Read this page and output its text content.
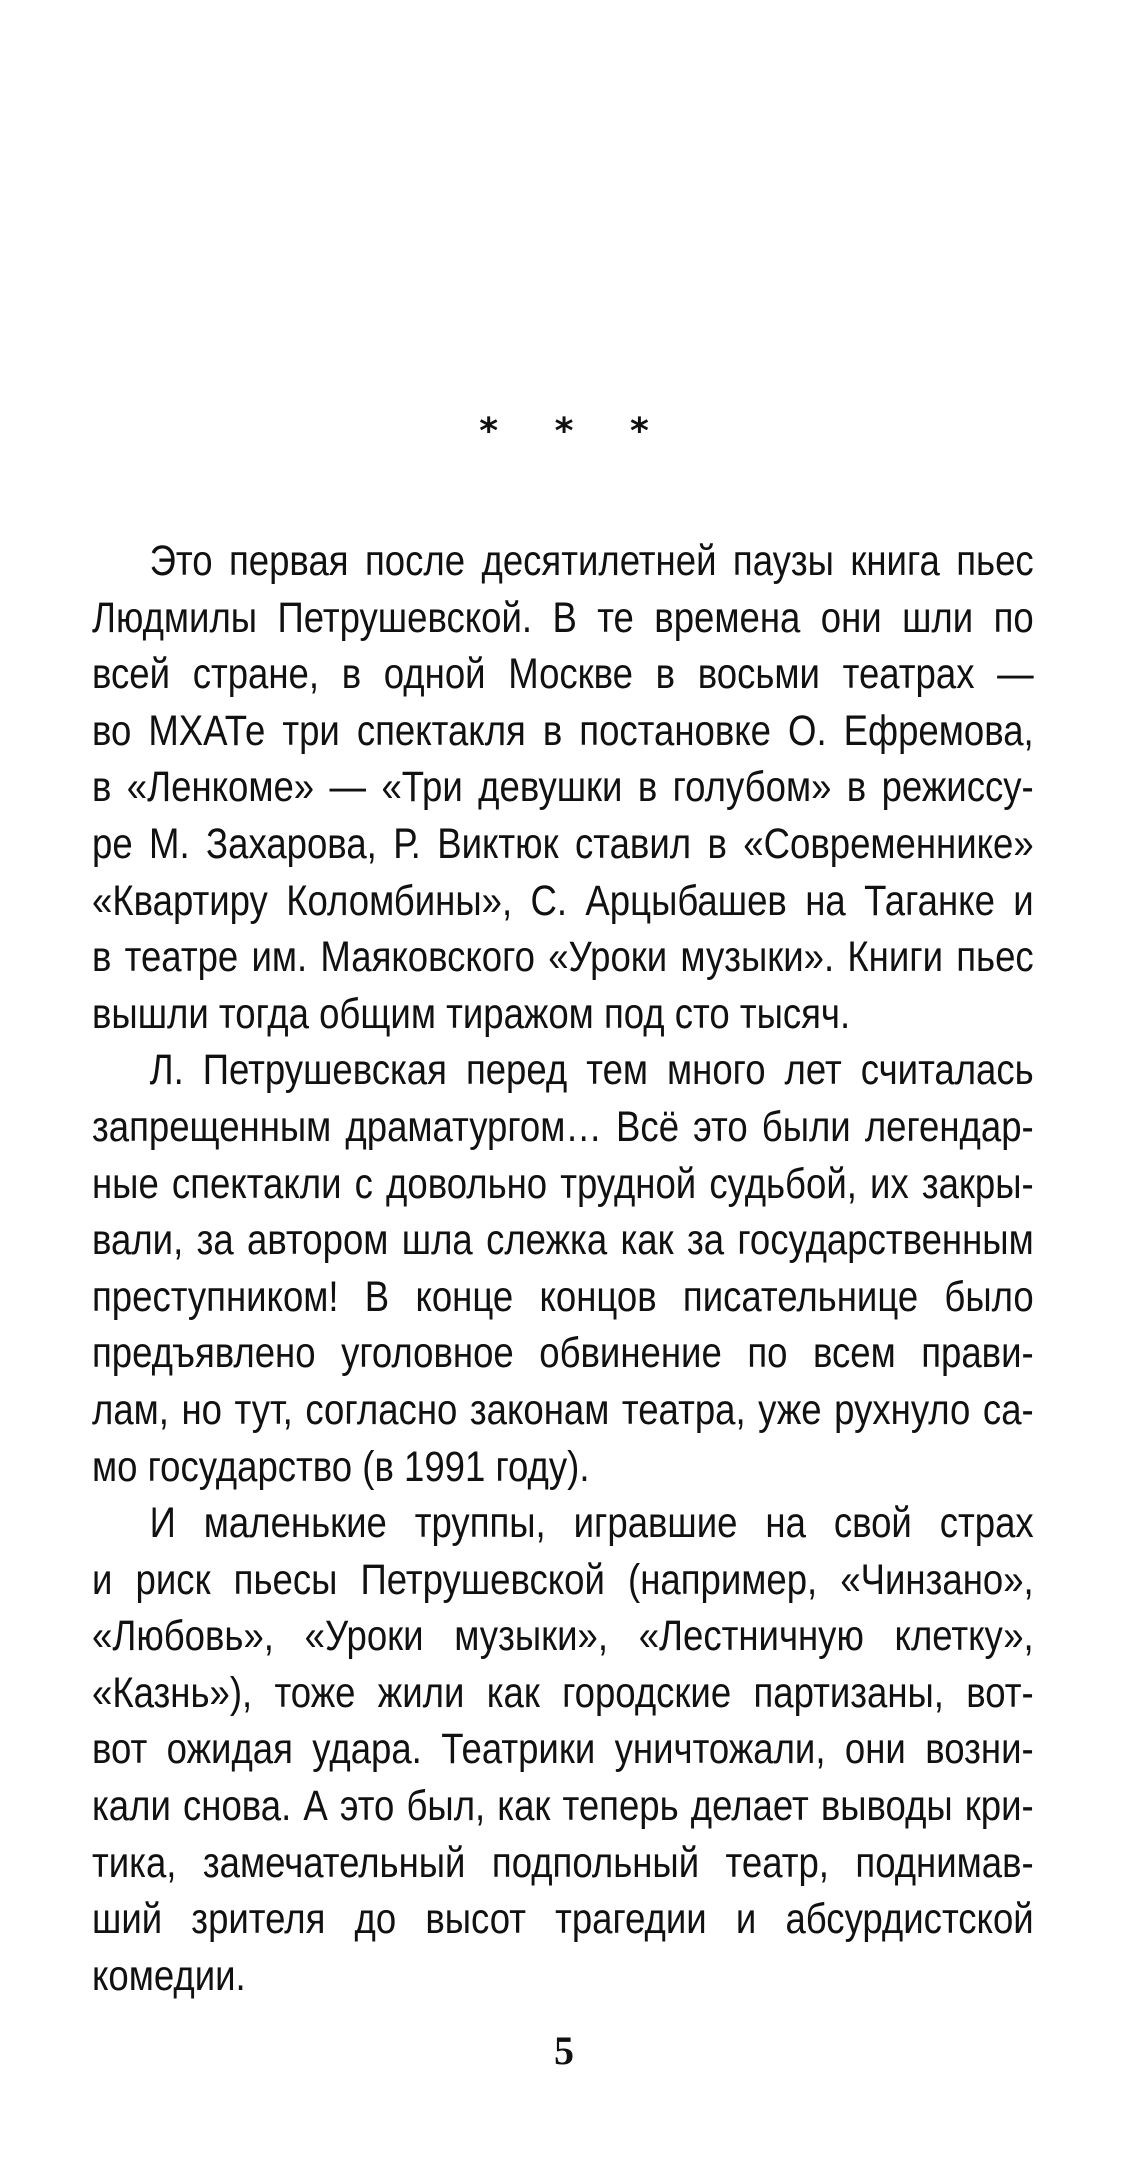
* * *

Это первая после десятилетней паузы книга пьес
Людмилы Петрушевской. В те времена они шли по
всей стране, в одной Москве в восьми театрах —
во МХАТе три спектакля в постановке О. Ефремова,
в «Ленкоме» — «Три девушки в голубом» в режиссу-
ре М. Захарова, Р. Виктюк ставил в «Современнике»
«Квартиру Коломбины», С. Арцыбашев на Таганке и
в театре им. Маяковского «Уроки музыки». Книги пьес
вышли тогда общим тиражом под сто тысяч.

Л. Петрушевская перед тем много лет считалась
запрещенным драматургом… Всё это были легендар-
ные спектакли с довольно трудной судьбой, их закры-
вали, за автором шла слежка как за государственным
преступником! В конце концов писательнице было
предъявлено уголовное обвинение по всем прави-
лам, но тут, согласно законам театра, уже рухнуло са-
мо государство (в 1991 году).

И маленькие труппы, игравшие на свой страх
и риск пьесы Петрушевской (например, «Чинзано»,
«Любовь», «Уроки музыки», «Лестничную клетку»,
«Казнь»), тоже жили как городские партизаны, вот-
вот ожидая удара. Театрики уничтожали, они возни-
кали снова. А это был, как теперь делает выводы кри-
тика, замечательный подпольный театр, поднимав-
ший зрителя до высот трагедии и абсурдистской
комедии.

5
